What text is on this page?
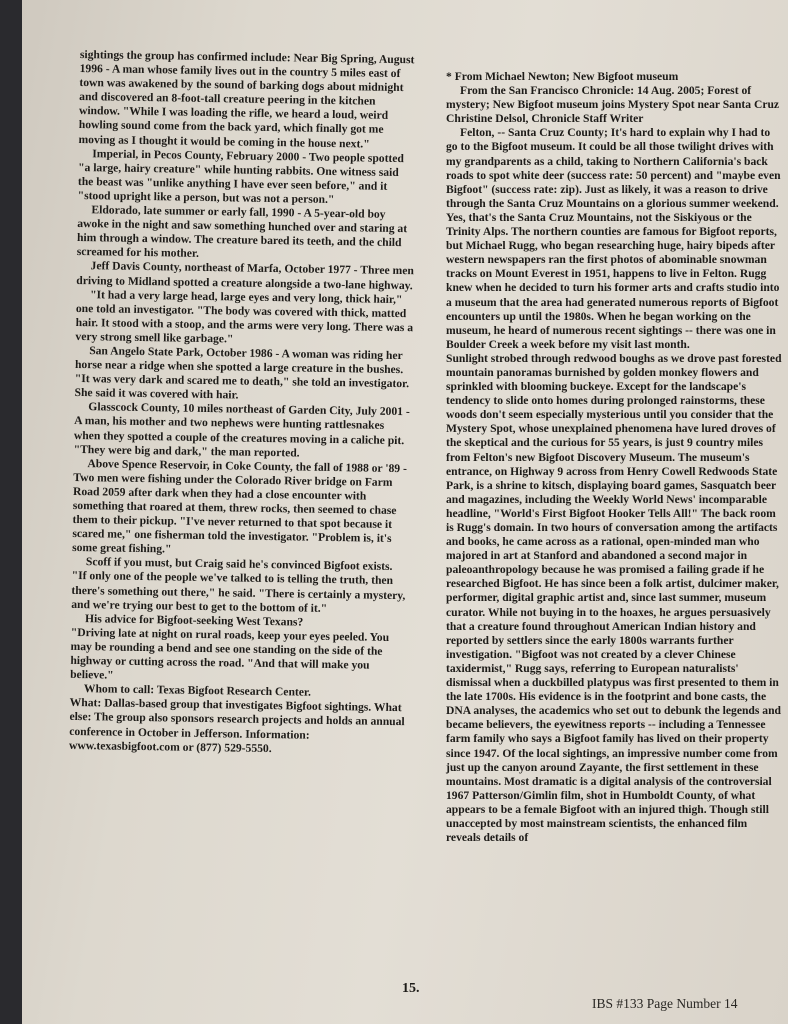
sightings the group has confirmed include: Near Big Spring, August 1996 - A man whose family lives out in the country 5 miles east of town was awakened by the sound of barking dogs about midnight and discovered an 8-foot-tall creature peering in the kitchen window. "While I was loading the rifle, we heard a loud, weird howling sound come from the back yard, which finally got me moving as I thought it would be coming in the house next."

Imperial, in Pecos County, February 2000 - Two people spotted "a large, hairy creature" while hunting rabbits. One witness said the beast was "unlike anything I have ever seen before," and it "stood upright like a person, but was not a person."

Eldorado, late summer or early fall, 1990 - A 5-year-old boy awoke in the night and saw something hunched over and staring at him through a window. The creature bared its teeth, and the child screamed for his mother.

Jeff Davis County, northeast of Marfa, October 1977 - Three men driving to Midland spotted a creature alongside a two-lane highway.

"It had a very large head, large eyes and very long, thick hair," one told an investigator. "The body was covered with thick, matted hair. It stood with a stoop, and the arms were very long. There was a very strong smell like garbage."

San Angelo State Park, October 1986 - A woman was riding her horse near a ridge when she spotted a large creature in the bushes. "It was very dark and scared me to death," she told an investigator. She said it was covered with hair.

Glasscock County, 10 miles northeast of Garden City, July 2001 - A man, his mother and two nephews were hunting rattlesnakes when they spotted a couple of the creatures moving in a caliche pit. "They were big and dark," the man reported.

Above Spence Reservoir, in Coke County, the fall of 1988 or '89 - Two men were fishing under the Colorado River bridge on Farm Road 2059 after dark when they had a close encounter with something that roared at them, threw rocks, then seemed to chase them to their pickup. "I've never returned to that spot because it scared me," one fisherman told the investigator. "Problem is, it's some great fishing."

Scoff if you must, but Craig said he's convinced Bigfoot exists. "If only one of the people we've talked to is telling the truth, then there's something out there," he said. "There is certainly a mystery, and we're trying our best to get to the bottom of it."

His advice for Bigfoot-seeking West Texans?

"Driving late at night on rural roads, keep your eyes peeled. You may be rounding a bend and see one standing on the side of the highway or cutting across the road. "And that will make you believe."

Whom to call: Texas Bigfoot Research Center.

What: Dallas-based group that investigates Bigfoot sightings. What else: The group also sponsors research projects and holds an annual conference in October in Jefferson. Information: www.texasbigfoot.com or (877) 529-5550.

* From Michael Newton; New Bigfoot museum

From the San Francisco Chronicle: 14 Aug. 2005; Forest of mystery; New Bigfoot museum joins Mystery Spot near Santa Cruz Christine Delsol, Chronicle Staff Writer

Felton, -- Santa Cruz County; It's hard to explain why I had to go to the Bigfoot museum. It could be all those twilight drives with my grandparents as a child, taking to Northern California's back roads to spot white deer (success rate: 50 percent) and "maybe even Bigfoot" (success rate: zip). Just as likely, it was a reason to drive through the Santa Cruz Mountains on a glorious summer weekend. Yes, that's the Santa Cruz Mountains, not the Siskiyous or the Trinity Alps. The northern counties are famous for Bigfoot reports, but Michael Rugg, who began researching huge, hairy bipeds after western newspapers ran the first photos of abominable snowman tracks on Mount Everest in 1951, happens to live in Felton. Rugg knew when he decided to turn his former arts and crafts studio into a museum that the area had generated numerous reports of Bigfoot encounters up until the 1980s. When he began working on the museum, he heard of numerous recent sightings -- there was one in Boulder Creek a week before my visit last month.

Sunlight strobed through redwood boughs as we drove past forested mountain panoramas burnished by golden monkey flowers and sprinkled with blooming buckeye. Except for the landscape's tendency to slide onto homes during prolonged rainstorms, these woods don't seem especially mysterious until you consider that the Mystery Spot, whose unexplained phenomena have lured droves of the skeptical and the curious for 55 years, is just 9 country miles from Felton's new Bigfoot Discovery Museum. The museum's entrance, on Highway 9 across from Henry Cowell Redwoods State Park, is a shrine to kitsch, displaying board games, Sasquatch beer and magazines, including the Weekly World News' incomparable headline, "World's First Bigfoot Hooker Tells All!" The back room is Rugg's domain. In two hours of conversation among the artifacts and books, he came across as a rational, open-minded man who majored in art at Stanford and abandoned a second major in paleoanthropology because he was promised a failing grade if he researched Bigfoot. He has since been a folk artist, dulcimer maker, performer, digital graphic artist and, since last summer, museum curator. While not buying in to the hoaxes, he argues persuasively that a creature found throughout American Indian history and reported by settlers since the early 1800s warrants further investigation. "Bigfoot was not created by a clever Chinese taxidermist," Rugg says, referring to European naturalists' dismissal when a duckbilled platypus was first presented to them in the late 1700s. His evidence is in the footprint and bone casts, the DNA analyses, the academics who set out to debunk the legends and became believers, the eyewitness reports -- including a Tennessee farm family who says a Bigfoot family has lived on their property since 1947. Of the local sightings, an impressive number come from just up the canyon around Zayante, the first settlement in these mountains. Most dramatic is a digital analysis of the controversial 1967 Patterson/Gimlin film, shot in Humboldt County, of what appears to be a female Bigfoot with an injured thigh. Though still unaccepted by most mainstream scientists, the enhanced film reveals details of

15.
IBS #133 Page Number 14
